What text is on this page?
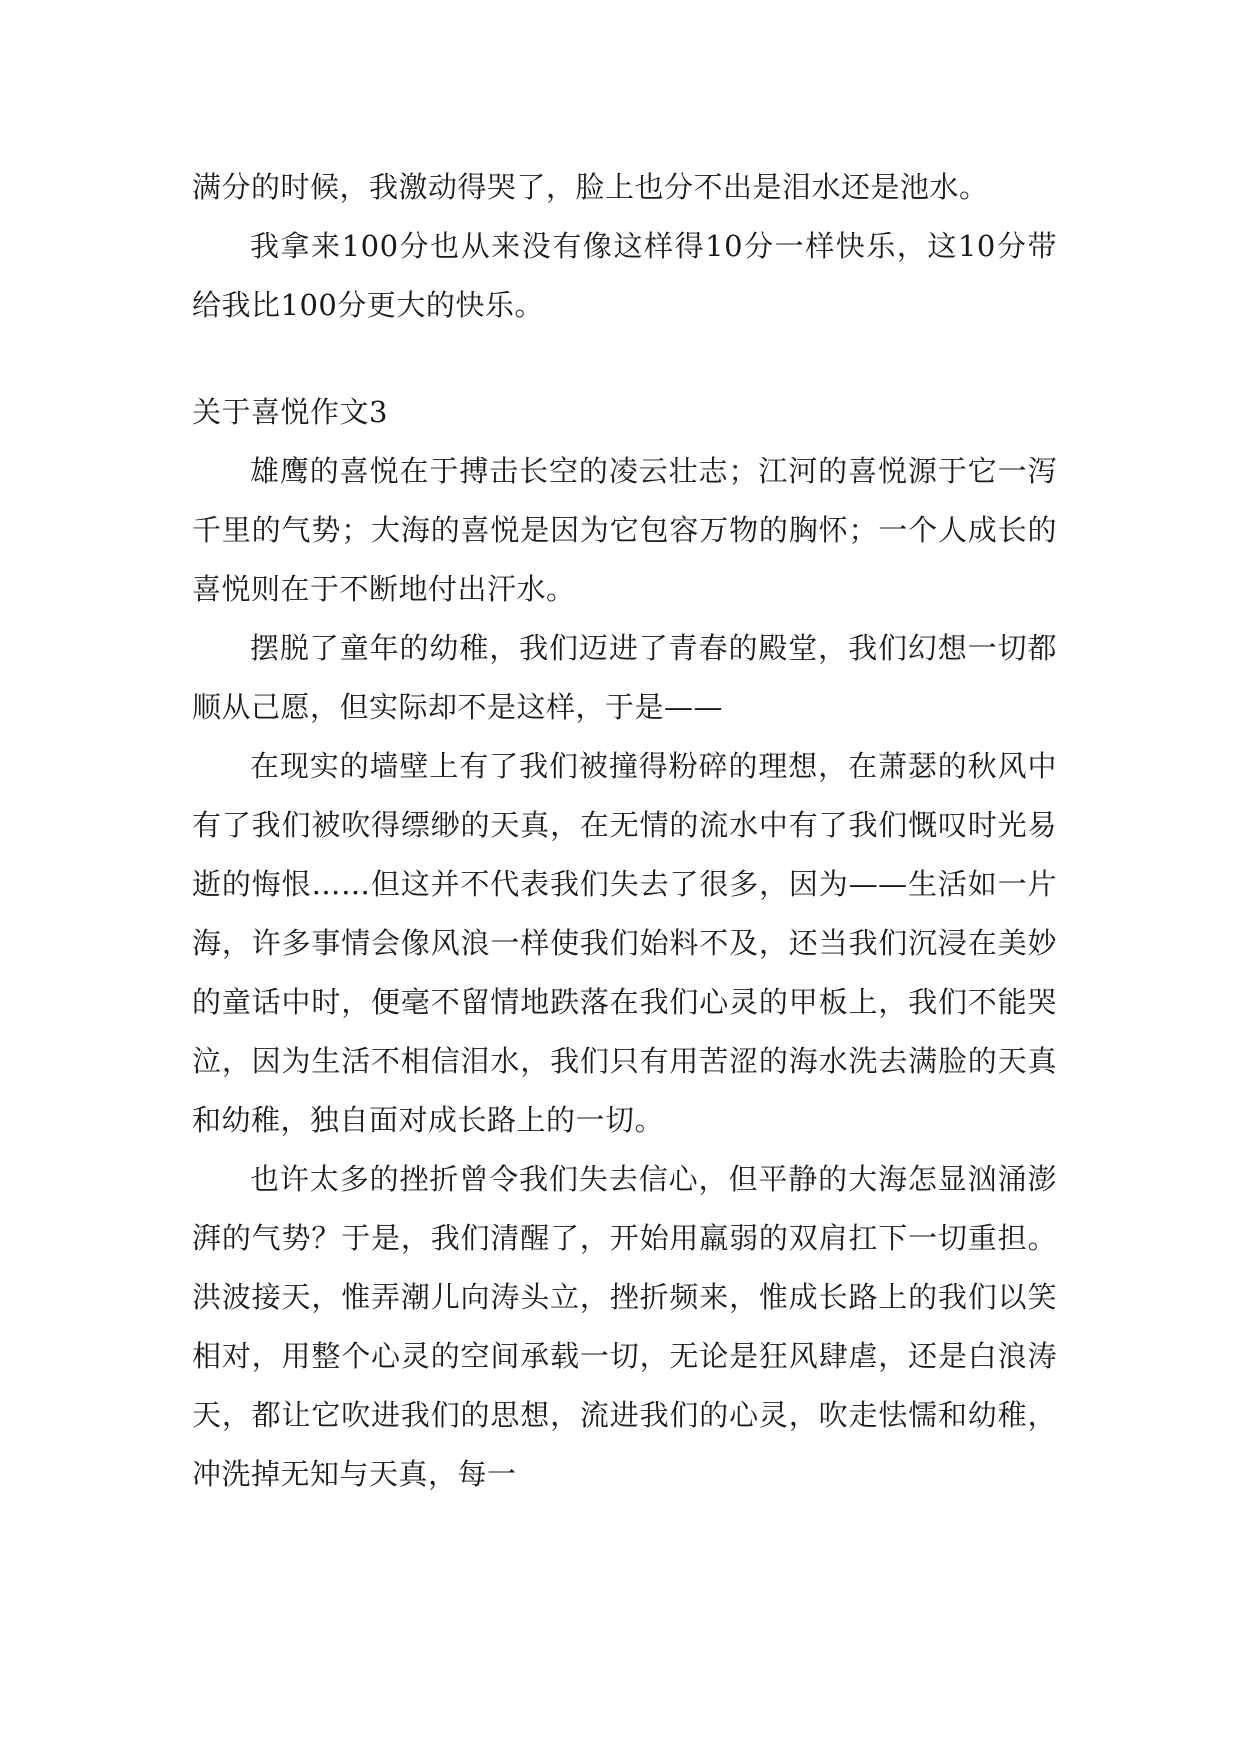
满分的时候，我激动得哭了，脸上也分不出是泪水还是池水。

我拿来100分也从来没有像这样得10分一样快乐，这10分带给我比100分更大的快乐。

关于喜悦作文3

雄鹰的喜悦在于搏击长空的凌云壮志；江河的喜悦源于它一泻千里的气势；大海的喜悦是因为它包容万物的胸怀；一个人成长的喜悦则在于不断地付出汗水。

摆脱了童年的幼稚，我们迈进了青春的殿堂，我们幻想一切都顺从己愿，但实际却不是这样，于是——

在现实的墙壁上有了我们被撞得粉碎的理想，在萧瑟的秋风中有了我们被吹得缥缈的天真，在无情的流水中有了我们慨叹时光易逝的悔恨……但这并不代表我们失去了很多，因为——生活如一片海，许多事情会像风浪一样使我们始料不及，还当我们沉浸在美妙的童话中时，便毫不留情地跌落在我们心灵的甲板上，我们不能哭泣，因为生活不相信泪水，我们只有用苦涩的海水洗去满脸的天真和幼稚，独自面对成长路上的一切。

也许太多的挫折曾令我们失去信心，但平静的大海怎显汹涌澎湃的气势？于是，我们清醒了，开始用羸弱的双肩扛下一切重担。洪波接天，惟弄潮儿向涛头立，挫折频来，惟成长路上的我们以笑相对，用整个心灵的空间承载一切，无论是狂风肆虐，还是白浪涛天，都让它吹进我们的思想，流进我们的心灵，吹走怯懦和幼稚，冲洗掉无知与天真，每一
